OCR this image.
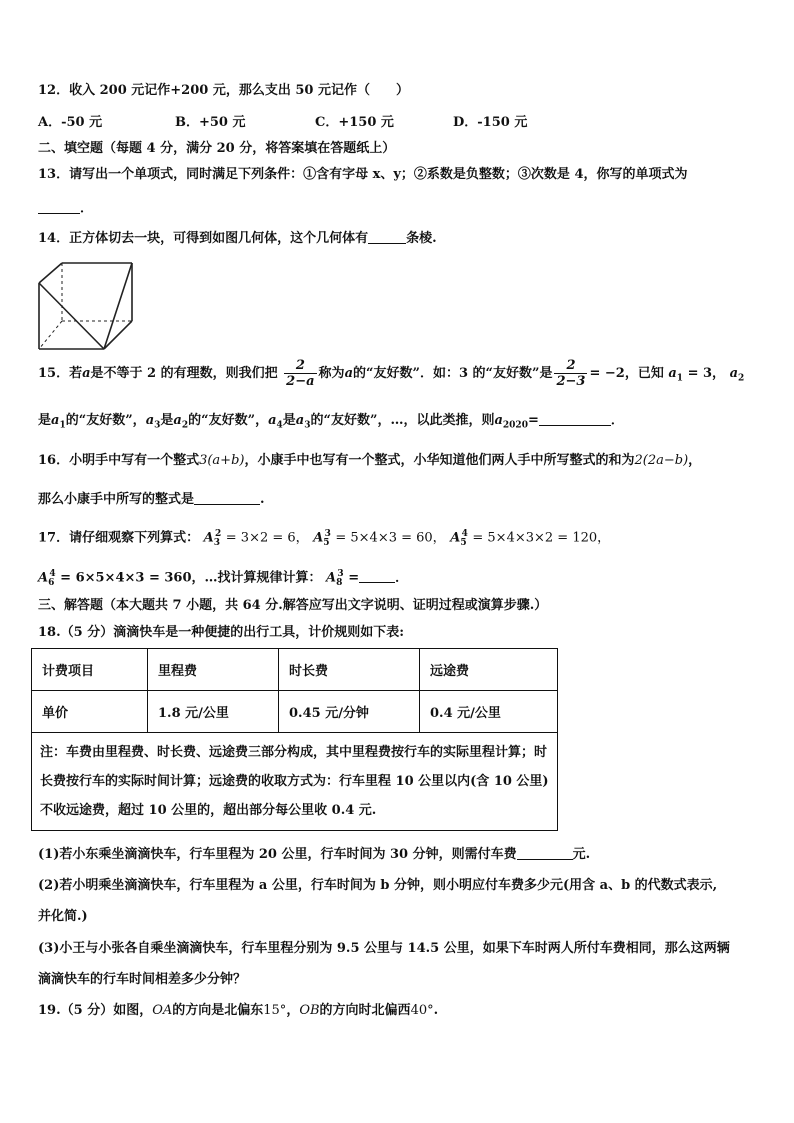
12．收入 200 元记作+200 元，那么支出 50 元记作（　　）
A．-50 元	B．+50 元	C．+150 元	D．-150 元
二、填空题（每题 4 分，满分 20 分，将答案填在答题纸上）
13．请写出一个单项式，同时满足下列条件：①含有字母 x、y；②系数是负整数；③次数是 4，你写的单项式为
．
14．正方体切去一块，可得到如图几何体，这个几何体有	条棱.
15．若a是不等于 2 的有理数，则我们把 $\frac{2}{2-a}$ 称为a的“友好数”．如：3 的“友好数”是 $\frac{2}{2-3} = -2$，已知 $a_1 = 3$， $a_2$
是$a_1$的“友好数”，$a_3$是$a_2$的“友好数”，$a_4$是$a_3$的“友好数”，…，以此类推，则$a_{2020}=$	．
16．小明手中写有一个整式3(a+b)，小康手中也写有一个整式，小华知道他们两人手中所写整式的和为2(2a−b)，
那么小康手中所写的整式是	.
17．请仔细观察下列算式： $A_3^2 = 3\times 2 = 6$， $A_5^3 = 5\times 4\times 3 = 60$， $A_5^4 = 5\times 4\times 3\times 2 = 120$，
$A_6^4 = 6\times 5\times 4\times 3 = 360$，…找计算规律计算： $A_8^3$ =	．
三、解答题（本大题共 7 小题，共 64 分.解答应写出文字说明、证明过程或演算步骤.）
18.（5 分）滴滴快车是一种便捷的出行工具，计价规则如下表:
计费项目	里程费	时长费	远途费
单价	1.8 元/公里	0.45 元/分钟	0.4 元/公里
注：车费由里程费、时长费、远途费三部分构成，其中里程费按行车的实际里程计算；时长费按行车的实际时间计算；远途费的收取方式为：行车里程 10 公里以内(含 10 公里)不收远途费，超过 10 公里的，超出部分每公里收 0.4 元.			
(1)若小东乘坐滴滴快车，行车里程为 20 公里，行车时间为 30 分钟，则需付车费	元.
(2)若小明乘坐滴滴快车，行车里程为 a 公里，行车时间为 b 分钟，则小明应付车费多少元(用含 a、b 的代数式表示,
并化简.)
(3)小王与小张各自乘坐滴滴快车，行车里程分别为 9.5 公里与 14.5 公里，如果下车时两人所付车费相同，那么这两辆
滴滴快车的行车时间相差多少分钟？
19.（5 分）如图，OA的方向是北偏东15°，OB的方向时北偏西40°.
